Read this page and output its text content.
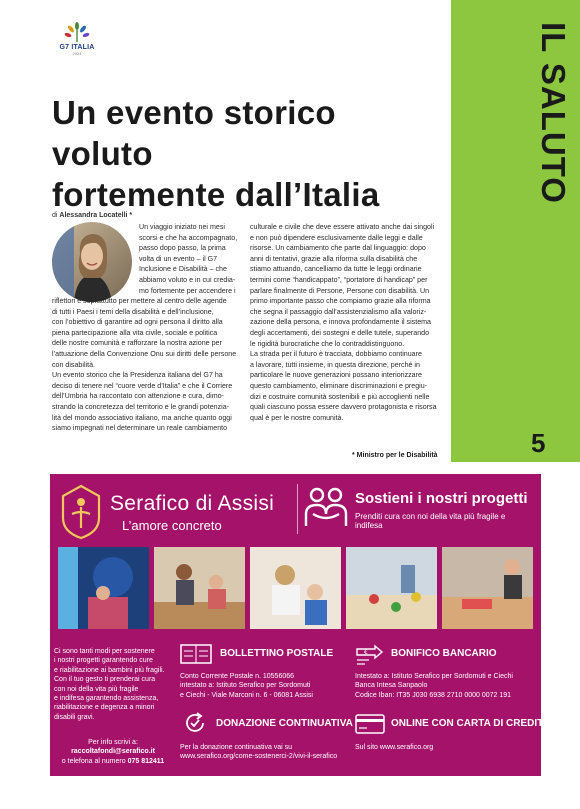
IL SALUTO
5
G7 ITALIA
2024
Un evento storico voluto
fortemente dall’Italia
di Alessandra Locatelli *
Un viaggio iniziato nei mesi
scorsi e che ha accompagnato,
passo dopo passo, la prima
volta di un evento – il G7
Inclusione e Disabilità – che
abbiamo voluto e in cui credia-
mo fortemente per accendere i
riflettori e soprattutto per mettere al centro delle agende
di tutti i Paesi i temi della disabilità e dell’inclusione,
con l’obiettivo di garantire ad ogni persona il diritto alla
piena partecipazione alla vita civile, sociale e politica
delle nostre comunità e rafforzare la nostra azione per
l’attuazione della Convenzione Onu sui diritti delle persone
con disabilità.
Un evento storico che la Presidenza italiana del G7 ha
deciso di tenere nel “cuore verde d’Italia” e che il Corriere
dell’Umbria ha raccontato con attenzione e cura, dimo-
strando la concretezza del territorio e le grandi potenzia-
lità del mondo associativo italiano, ma anche quanto oggi
siamo impegnati nel determinare un reale cambiamento
culturale e civile che deve essere attivato anche dai singoli
e non può dipendere esclusivamente dalle leggi e dalle
risorse. Un cambiamento che parte dal linguaggio: dopo
anni di tentativi, grazie alla riforma sulla disabilità che
stiamo attuando, cancelliamo da tutte le leggi ordinarie
termini come “handicappato”, “portatore di handicap” per
parlare finalmente di Persone, Persone con disabilità. Un
primo importante passo che compiamo grazie alla riforma
che segna il passaggio dall’assistenzialismo alla valoriz-
zazione della persona, e innova profondamente il sistema
degli accertamenti, dei sostegni e delle tutele, superando
le rigidità burocratiche che lo contraddistinguono.
La strada per il futuro è tracciata, dobbiamo continuare
a lavorare, tutti insieme, in questa direzione, perché in
particolare le nuove generazioni possano interiorizzare
questo cambiamento, eliminare discriminazioni e pregiu-
dizi e costruire comunità sostenibili e più accoglienti nelle
quali ciascuno possa essere davvero protagonista e risorsa
qual è per le nostre comunità.
* Ministro per le Disabilità
Serafico di Assisi
L’amore concreto
Sostieni i nostri progetti
Prenditi cura con noi della vita più fragile e indifesa
Ci sono tanti modi per sostenere
i nostri progetti garantendo cure
e riabilitazione ai bambini più fragili.
Con il tuo gesto ti prenderai cura
con noi della vita più fragile
e indifesa garantendo assistenza,
riabilitazione e degenza a minori
disabili gravi.
Per info scrivi a:
raccoltafondi@serafico.it
o telefona al numero 075 812411
BOLLETTINO POSTALE
Conto Corrente Postale n. 10556066
intestato a: Istituto Serafico per Sordomuti
e Ciechi - Viale Marconi n. 6 - 06081 Assisi
€ BONIFICO BANCARIO
Intestato a: Istituto Serafico per Sordomuti e Ciechi
Banca Intesa Sanpaolo
Codice Iban: IT35 J030 6938 2710 0000 0072 191
DONAZIONE CONTINUATIVA
Per la donazione continuativa vai su
www.serafico.org/come-sostenerci-2/vivi-il-serafico
ONLINE CON CARTA DI CREDITO
Sul sito www.serafico.org
